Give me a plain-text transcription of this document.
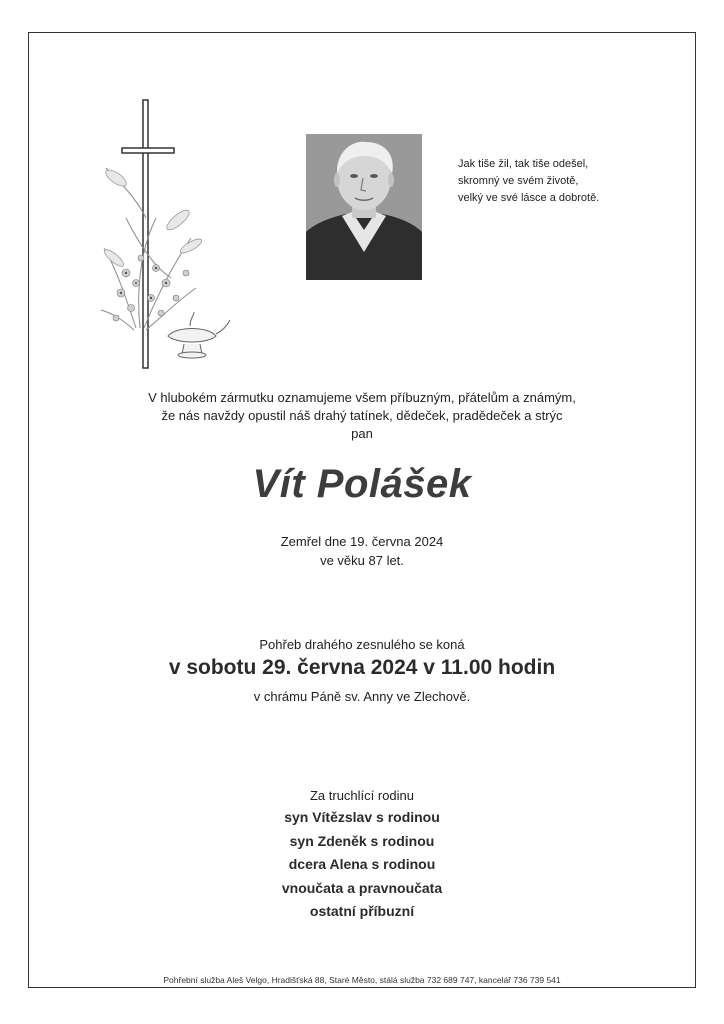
Jak tiše žil, tak tiše odešel,
skromný ve svém životě,
velký ve své lásce a dobrotě.
V hlubokém zármutku oznamujeme všem příbuzným, přátelům a známým,
že nás navždy opustil náš drahý tatínek, dědeček, pradědeček a strýc
pan
Vít Polášek
Zemřel dne 19. června 2024
ve věku 87 let.
Pohřeb drahého zesnulého se koná
v sobotu 29. června 2024 v 11.00 hodin
v chrámu Páně sv. Anny ve Zlechově.
Za truchlící rodinu
syn Vítězslav s rodinou
syn Zdeněk s rodinou
dcera Alena s rodinou
vnoučata a pravnoučata
ostatní příbuzní
Pohřební služba Aleš Velgo, Hradišťská 88, Staré Město, stálá služba 732 689 747, kancelář 736 739 541
